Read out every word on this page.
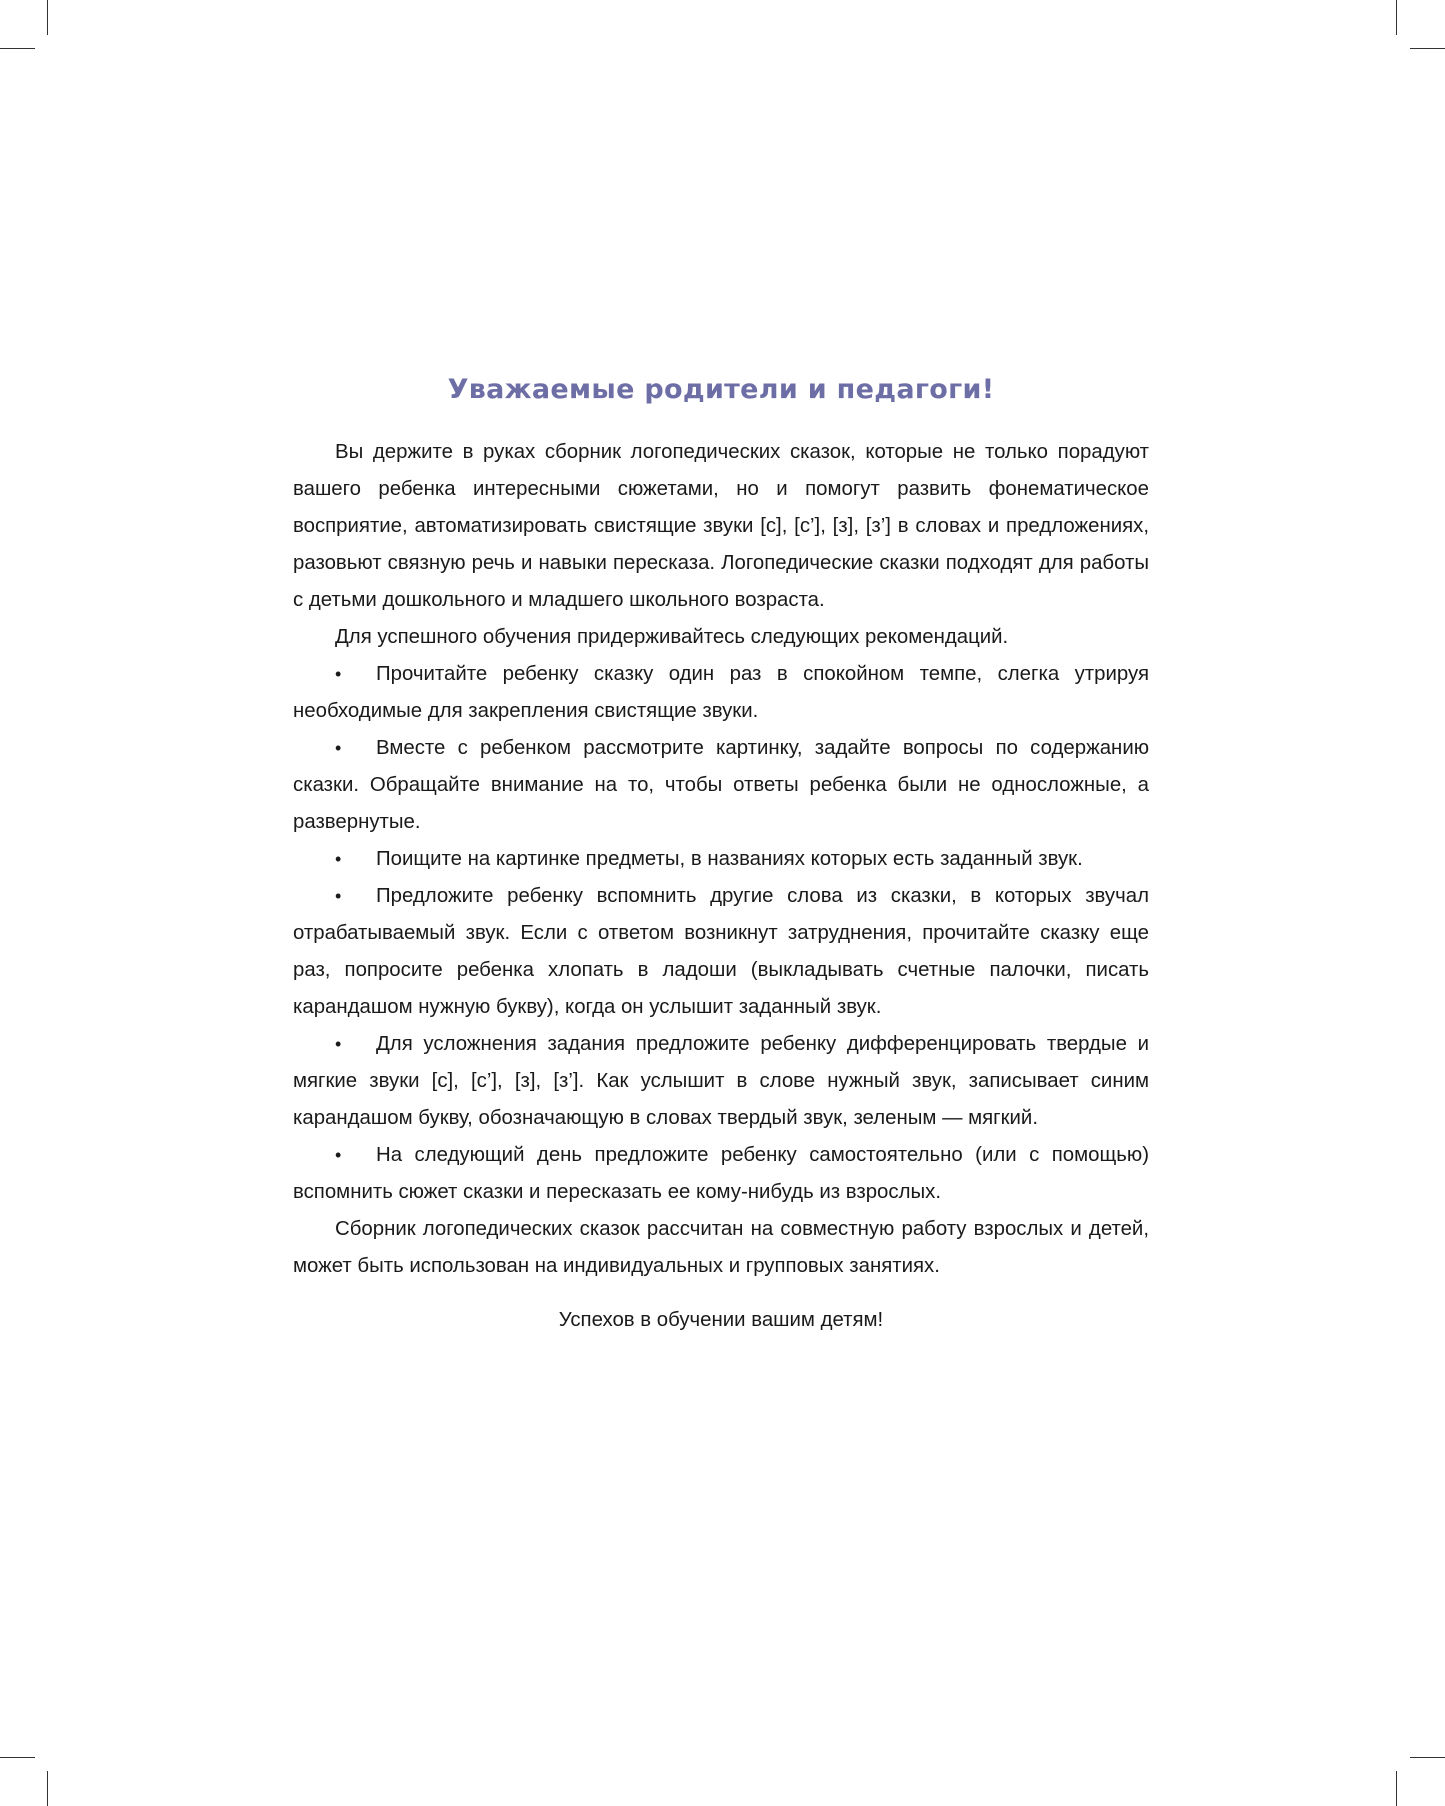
Уважаемые родители и педагоги!

Вы держите в руках сборник логопедических сказок, которые не только порадуют вашего ребенка интересными сюжетами, но и помогут развить фонематическое восприятие, автоматизировать свистящие звуки [с], [с’], [з], [з’] в словах и предложениях, разовьют связную речь и навыки пересказа. Логопедические сказки подходят для работы с детьми дошкольного и младшего школьного возраста.

Для успешного обучения придерживайтесь следующих рекомендаций.

• Прочитайте ребенку сказку один раз в спокойном темпе, слегка утрируя необходимые для закрепления свистящие звуки.
• Вместе с ребенком рассмотрите картинку, задайте вопросы по содержанию сказки. Обращайте внимание на то, чтобы ответы ребенка были не односложные, а развернутые.
• Поищите на картинке предметы, в названиях которых есть заданный звук.
• Предложите ребенку вспомнить другие слова из сказки, в которых звучал отрабатываемый звук. Если с ответом возникнут затруднения, прочитайте сказку еще раз, попросите ребенка хлопать в ладоши (выкладывать счетные палочки, писать карандашом нужную букву), когда он услышит заданный звук.
• Для усложнения задания предложите ребенку дифференцировать твердые и мягкие звуки [с], [с’], [з], [з’]. Как услышит в слове нужный звук, записывает синим карандашом букву, обозначающую в словах твердый звук, зеленым — мягкий.
• На следующий день предложите ребенку самостоятельно (или с помощью) вспомнить сюжет сказки и пересказать ее кому-нибудь из взрослых.

Сборник логопедических сказок рассчитан на совместную работу взрослых и детей, может быть использован на индивидуальных и групповых занятиях.

Успехов в обучении вашим детям!
